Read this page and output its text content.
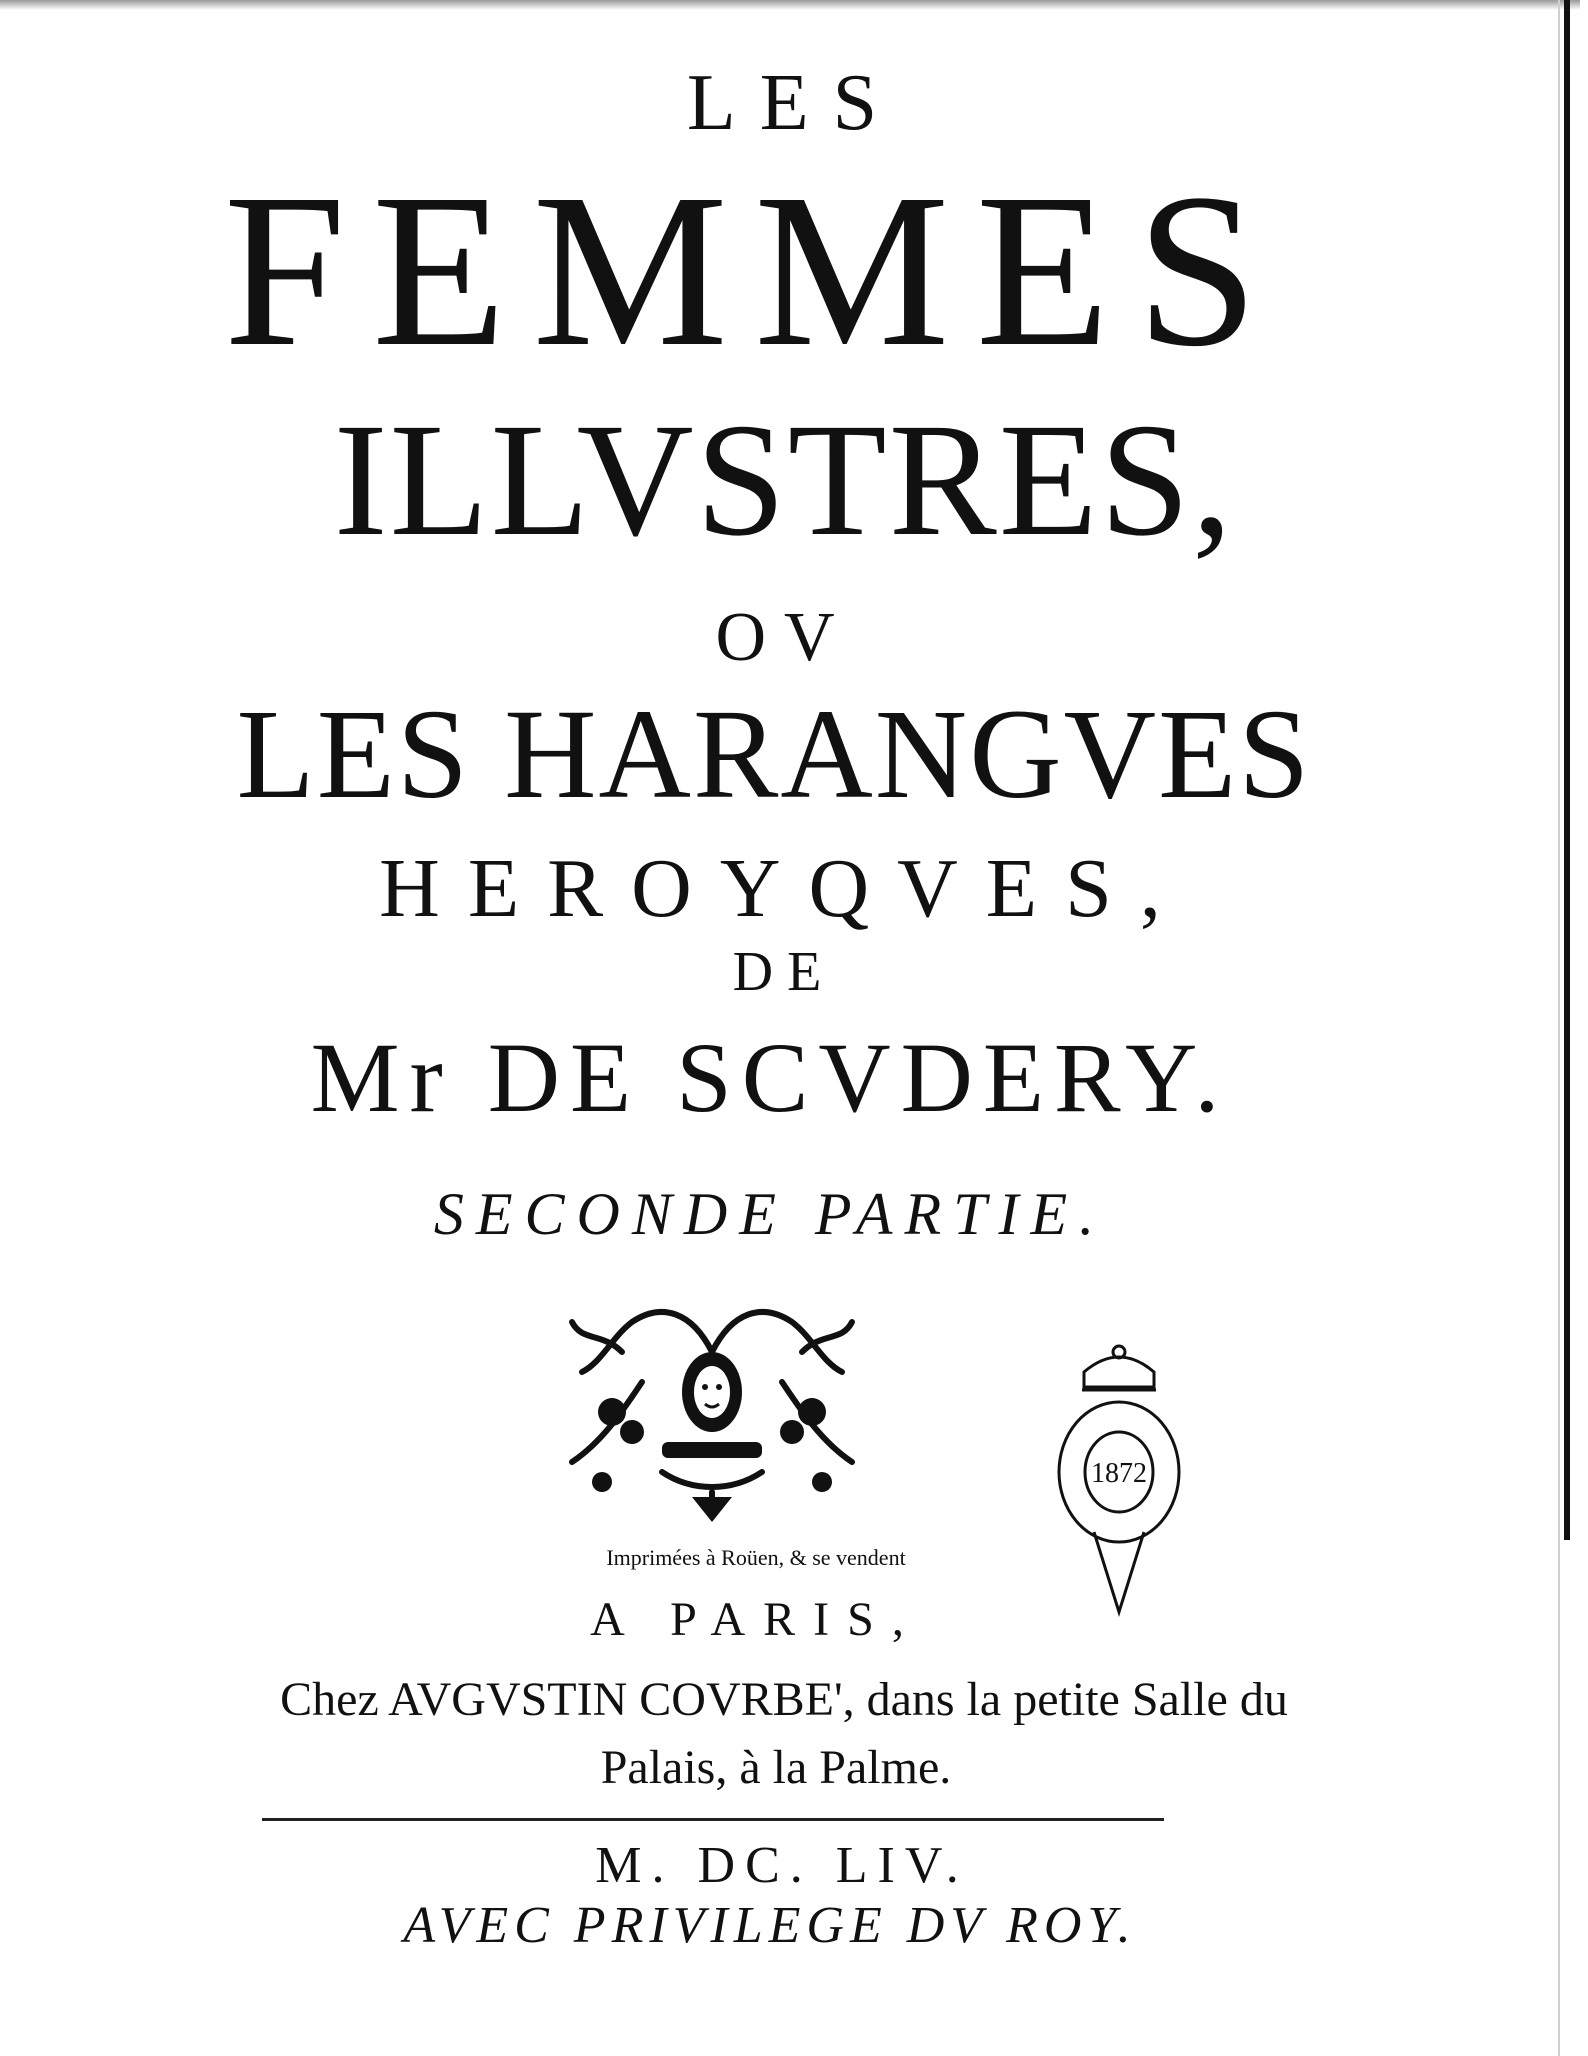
LES
FEMMES
ILLVSTRES,
OV
LES HARANGVES
HEROYQVES,
DE
Mr DE SCVDERY.
SECONDE PARTIE.
1872
Imprimées à Roüen, & se vendent
A PARIS,
Chez AVGVSTIN COVRBE', dans la petite Salle du
Palais, à la Palme.
M. DC. LIV.
AVEC PRIVILEGE DV ROY.
